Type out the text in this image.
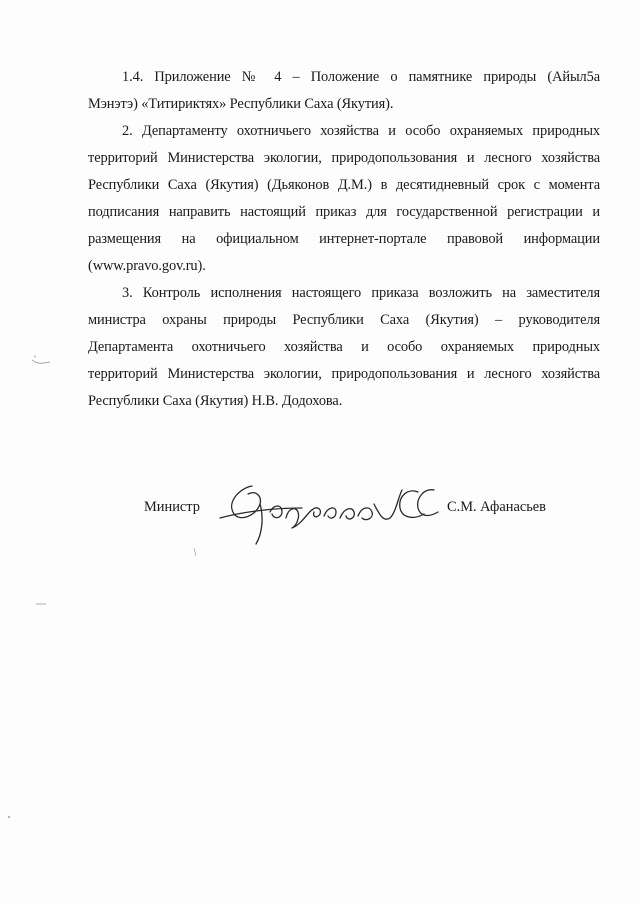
1.4. Приложение № 4 – Положение о памятнике природы (Айыл5а
Мэнэтэ) «Титириктях» Республики Саха (Якутия).
2. Департаменту охотничьего хозяйства и особо охраняемых природных
территорий Министерства экологии, природопользования и лесного хозяйства
Республики Саха (Якутия) (Дьяконов Д.М.) в десятидневный срок с момента
подписания направить настоящий приказ для государственной регистрации и
размещения на официальном интернет-портале правовой информации
(www.pravo.gov.ru).
3. Контроль исполнения настоящего приказа возложить на заместителя
министра охраны природы Республики Саха (Якутия) – руководителя
Департамента охотничьего хозяйства и особо охраняемых природных
территорий Министерства экологии, природопользования и лесного хозяйства
Республики Саха (Якутия) Н.В. Додохова.
Министр	С.М. Афанасьев
